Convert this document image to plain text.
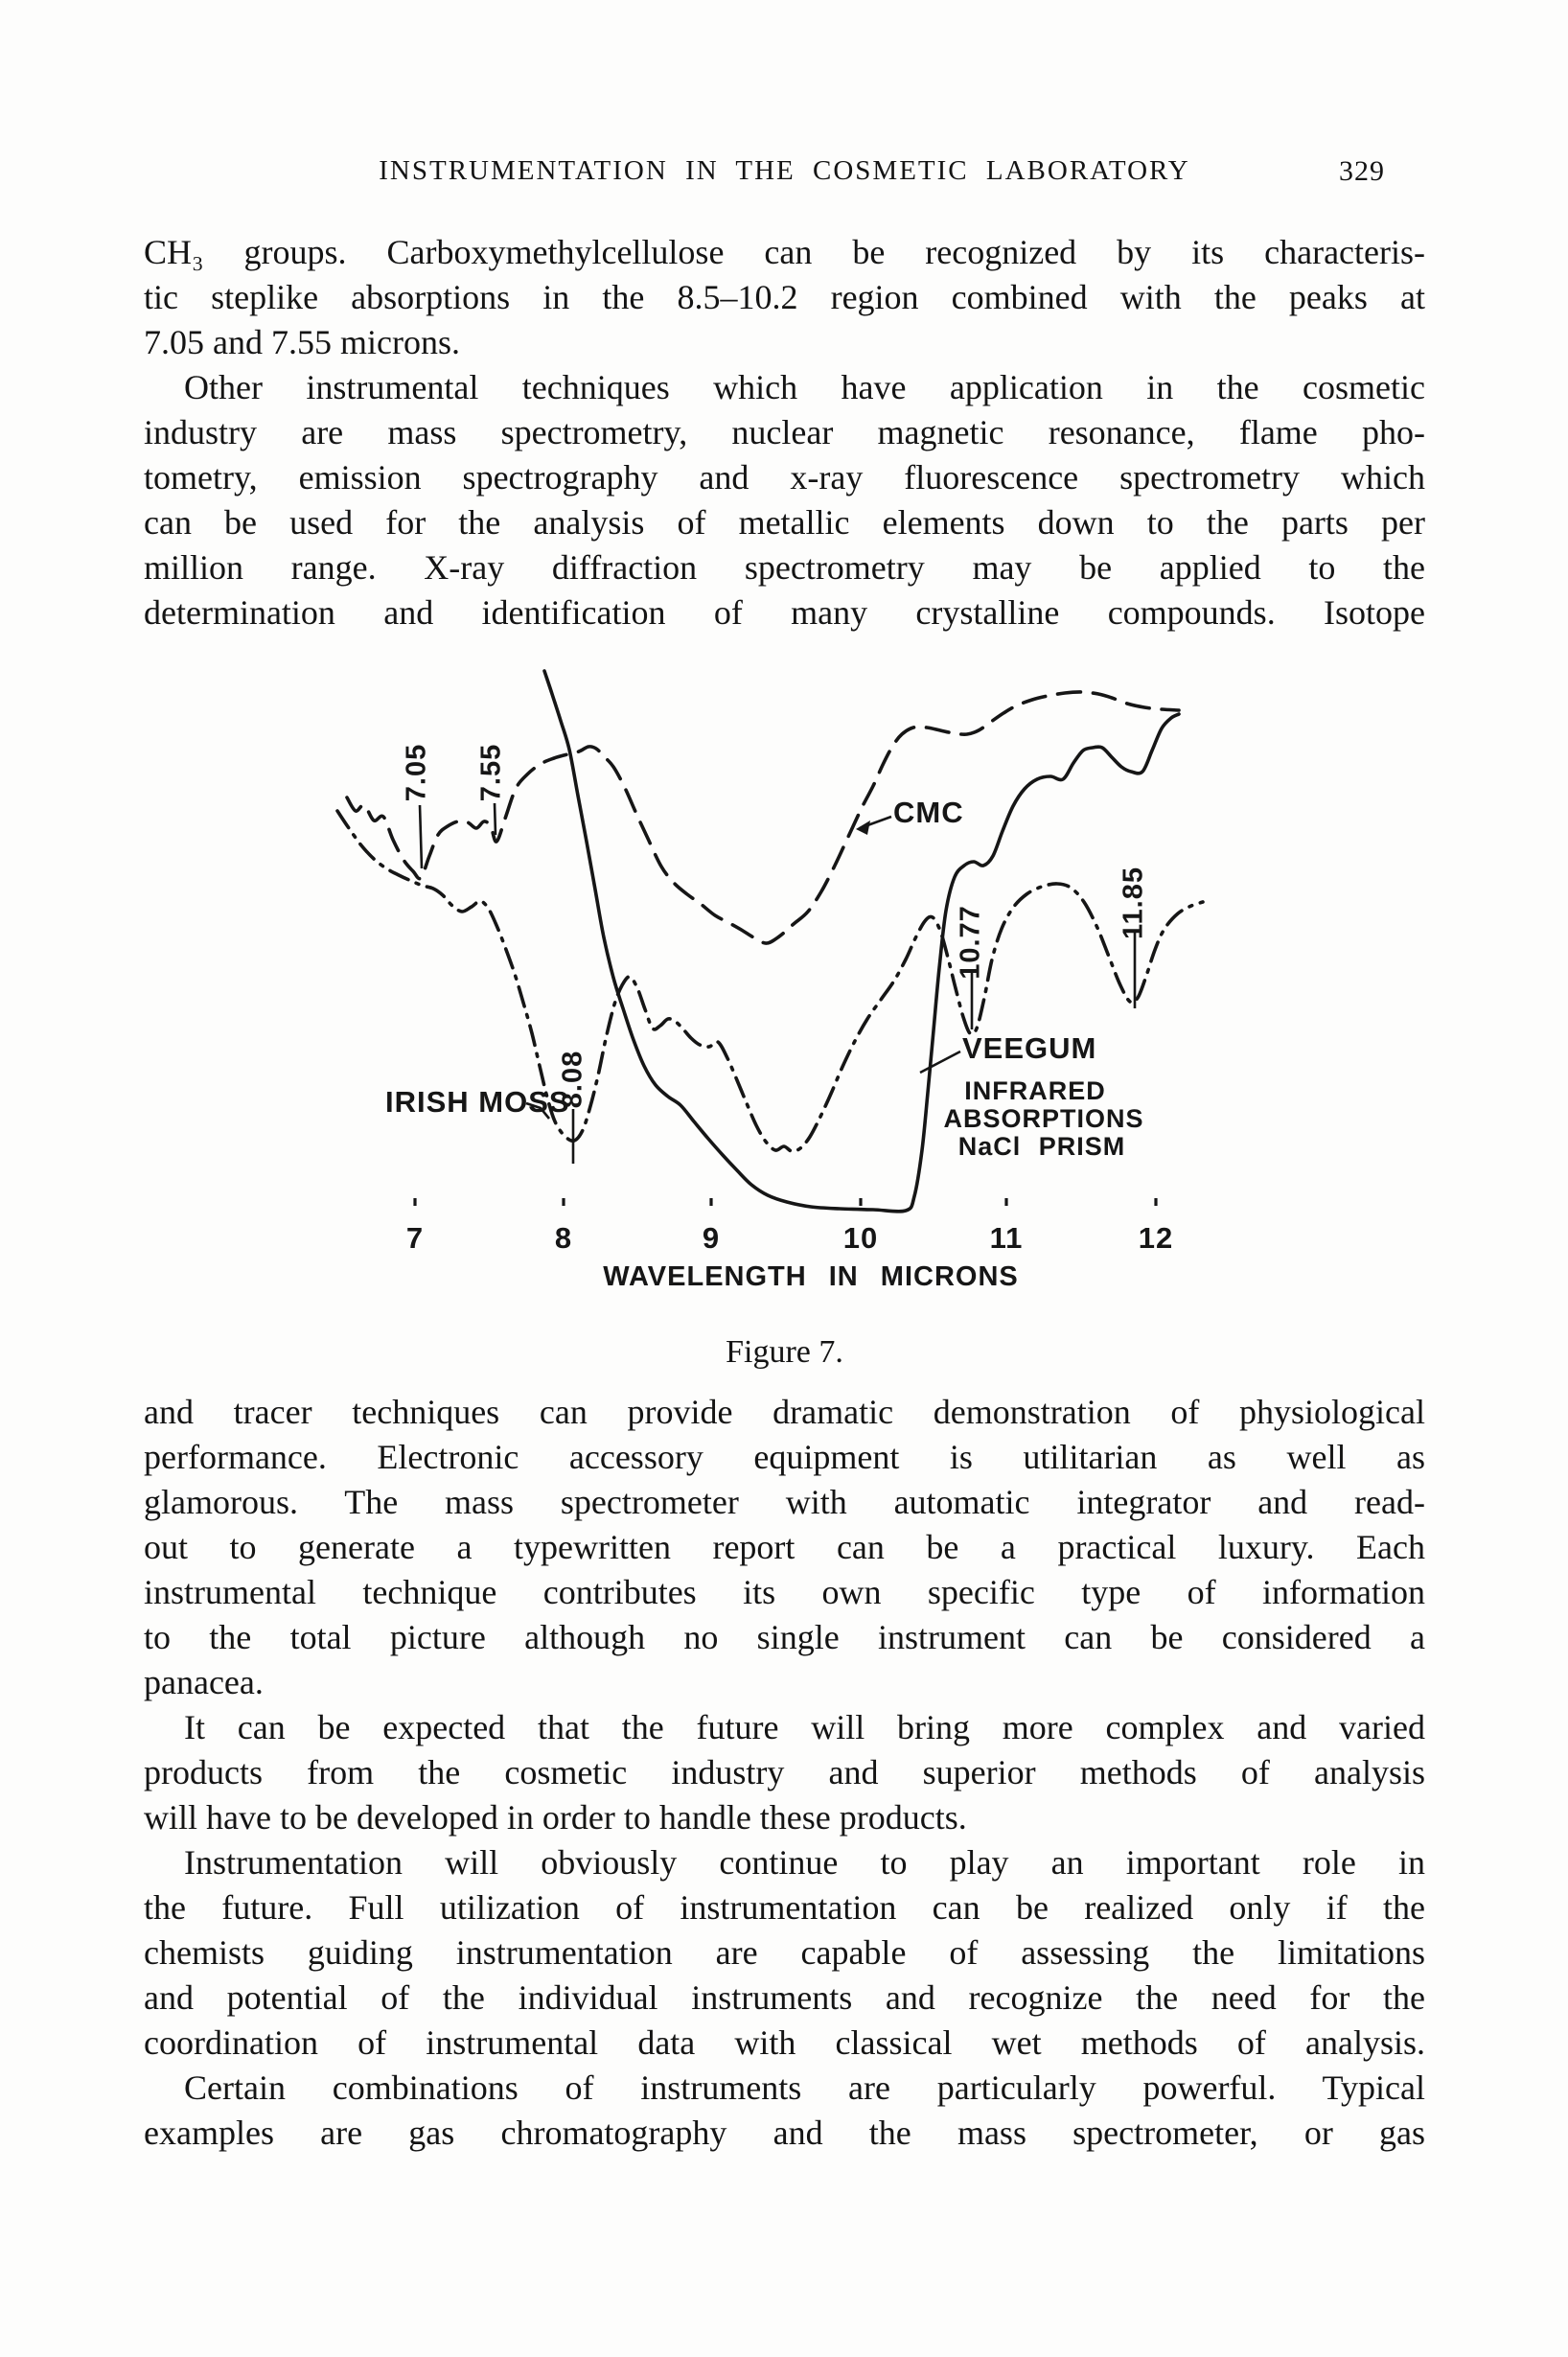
INSTRUMENTATION IN THE COSMETIC LABORATORY	329
CH₃ groups. Carboxymethylcellulose can be recognized by its characteris-
tic steplike absorptions in the 8.5–10.2 region combined with the peaks at
7.05 and 7.55 microns.
Other instrumental techniques which have application in the cosmetic
industry are mass spectrometry, nuclear magnetic resonance, flame pho-
tometry, emission spectrography and x-ray fluorescence spectrometry which
can be used for the analysis of metallic elements down to the parts per
million range. X-ray diffraction spectrometry may be applied to the
determination and identification of many crystalline compounds. Isotope
7.05 7.55
8.08
10.77
11.85
CMC
VEEGUM
IRISH MOSS	INFRARED
ABSORPTIONS
NaCl PRISM
7	8	9	10	11	12
WAVELENGTH IN MICRONS
Figure 7.
and tracer techniques can provide dramatic demonstration of physiological
performance. Electronic accessory equipment is utilitarian as well as
glamorous. The mass spectrometer with automatic integrator and read-
out to generate a typewritten report can be a practical luxury. Each
instrumental technique contributes its own specific type of information
to the total picture although no single instrument can be considered a
panacea.
It can be expected that the future will bring more complex and varied
products from the cosmetic industry and superior methods of analysis
will have to be developed in order to handle these products.
Instrumentation will obviously continue to play an important role in
the future. Full utilization of instrumentation can be realized only if the
chemists guiding instrumentation are capable of assessing the limitations
and potential of the individual instruments and recognize the need for the
coordination of instrumental data with classical wet methods of analysis.
Certain combinations of instruments are particularly powerful. Typical
examples are gas chromatography and the mass spectrometer, or gas
